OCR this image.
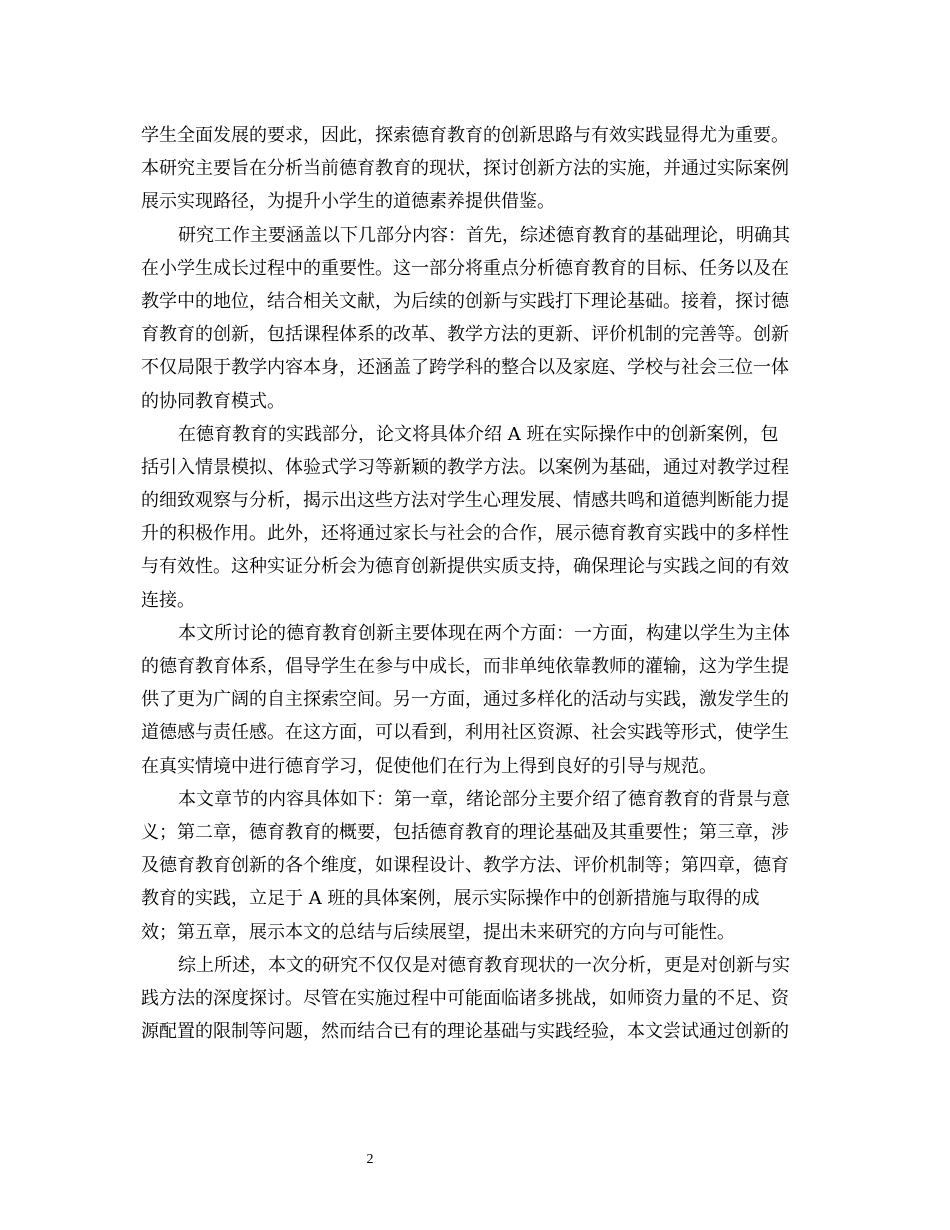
学生全面发展的要求，因此，探索德育教育的创新思路与有效实践显得尤为重要。
本研究主要旨在分析当前德育教育的现状，探讨创新方法的实施，并通过实际案例
展示实现路径，为提升小学生的道德素养提供借鉴。
研究工作主要涵盖以下几部分内容：首先，综述德育教育的基础理论，明确其
在小学生成长过程中的重要性。这一部分将重点分析德育教育的目标、任务以及在
教学中的地位，结合相关文献，为后续的创新与实践打下理论基础。接着，探讨德
育教育的创新，包括课程体系的改革、教学方法的更新、评价机制的完善等。创新
不仅局限于教学内容本身，还涵盖了跨学科的整合以及家庭、学校与社会三位一体
的协同教育模式。
在德育教育的实践部分，论文将具体介绍 A 班在实际操作中的创新案例，包
括引入情景模拟、体验式学习等新颖的教学方法。以案例为基础，通过对教学过程
的细致观察与分析，揭示出这些方法对学生心理发展、情感共鸣和道德判断能力提
升的积极作用。此外，还将通过家长与社会的合作，展示德育教育实践中的多样性
与有效性。这种实证分析会为德育创新提供实质支持，确保理论与实践之间的有效
连接。
本文所讨论的德育教育创新主要体现在两个方面：一方面，构建以学生为主体
的德育教育体系，倡导学生在参与中成长，而非单纯依靠教师的灌输，这为学生提
供了更为广阔的自主探索空间。另一方面，通过多样化的活动与实践，激发学生的
道德感与责任感。在这方面，可以看到，利用社区资源、社会实践等形式，使学生
在真实情境中进行德育学习，促使他们在行为上得到良好的引导与规范。
本文章节的内容具体如下：第一章，绪论部分主要介绍了德育教育的背景与意
义；第二章，德育教育的概要，包括德育教育的理论基础及其重要性；第三章，涉
及德育教育创新的各个维度，如课程设计、教学方法、评价机制等；第四章，德育
教育的实践，立足于 A 班的具体案例，展示实际操作中的创新措施与取得的成
效；第五章，展示本文的总结与后续展望，提出未来研究的方向与可能性。
综上所述，本文的研究不仅仅是对德育教育现状的一次分析，更是对创新与实
践方法的深度探讨。尽管在实施过程中可能面临诸多挑战，如师资力量的不足、资
源配置的限制等问题，然而结合已有的理论基础与实践经验，本文尝试通过创新的
2
